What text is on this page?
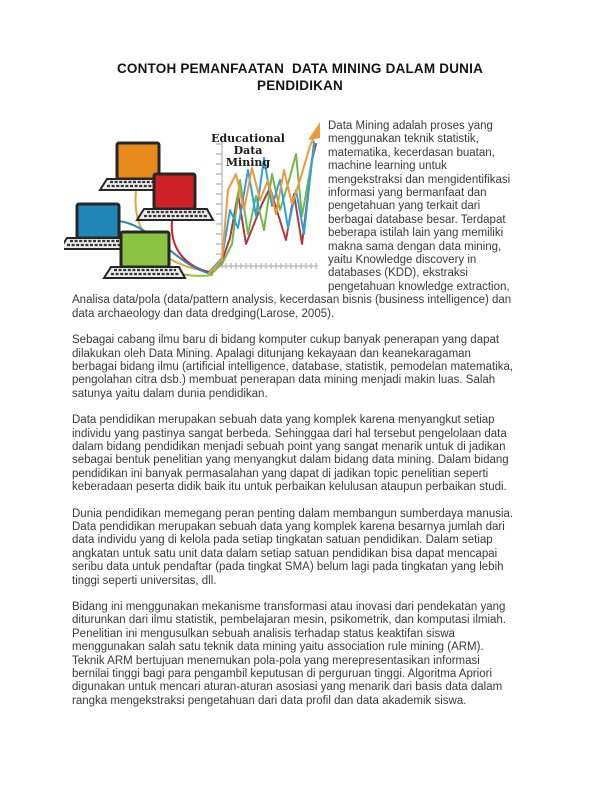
CONTOH PEMANFAATAN  DATA MINING DALAM DUNIA
PENDIDIKAN

Educational
Data
Mining
Data Mining adalah proses yang menggunakan teknik statistik, matematika, kecerdasan buatan, machine learning untuk mengekstraksi dan mengidentifikasi informasi yang bermanfaat dan pengetahuan yang terkait dari berbagai database besar. Terdapat beberapa istilah lain yang memiliki makna sama dengan data mining, yaitu Knowledge discovery in databases (KDD), ekstraksi pengetahuan knowledge extraction, Analisa data/pola (data/pattern analysis, kecerdasan bisnis (business intelligence) dan data archaeology dan data dredging(Larose, 2005).

Sebagai cabang ilmu baru di bidang komputer cukup banyak penerapan yang dapat dilakukan oleh Data Mining. Apalagi ditunjang kekayaan dan keanekaragaman berbagai bidang ilmu (artificial intelligence, database, statistik, pemodelan matematika, pengolahan citra dsb.) membuat penerapan data mining menjadi makin luas. Salah satunya yaitu dalam dunia pendidikan.

Data pendidikan merupakan sebuah data yang komplek karena menyangkut setiap individu yang pastinya sangat berbeda. Sehinggaa dari hal tersebut pengelolaan data dalam bidang pendidikan menjadi sebuah point yang sangat menarik untuk di jadikan sebagai bentuk penelitian yang menyangkut dalam bidang data mining. Dalam bidang pendidikan ini banyak permasalahan yang dapat di jadikan topic penelitian seperti keberadaan peserta didik baik itu untuk perbaikan kelulusan ataupun perbaikan studi.

Dunia pendidikan memegang peran penting dalam membangun sumberdaya manusia. Data pendidikan merupakan sebuah data yang komplek karena besarnya jumlah dari data individu yang di kelola pada setiap tingkatan satuan pendidikan. Dalam setiap angkatan untuk satu unit data dalam setiap satuan pendidikan bisa dapat mencapai seribu data untuk pendaftar (pada tingkat SMA) belum lagi pada tingkatan yang lebih tinggi seperti universitas, dll.

Bidang ini menggunakan mekanisme transformasi atau inovasi dari pendekatan yang diturunkan dari ilmu statistik, pembelajaran mesin, psikometrik, dan komputasi ilmiah. Penelitian ini mengusulkan sebuah analisis terhadap status keaktifan siswa menggunakan salah satu teknik data mining yaitu association rule mining (ARM). Teknik ARM bertujuan menemukan pola-pola yang merepresentasikan informasi bernilai tinggi bagi para pengambil keputusan di perguruan tinggi. Algoritma Apriori digunakan untuk mencari aturan-aturan asosiasi yang menarik dari basis data dalam rangka mengekstraksi pengetahuan dari data profil dan data akademik siswa.
